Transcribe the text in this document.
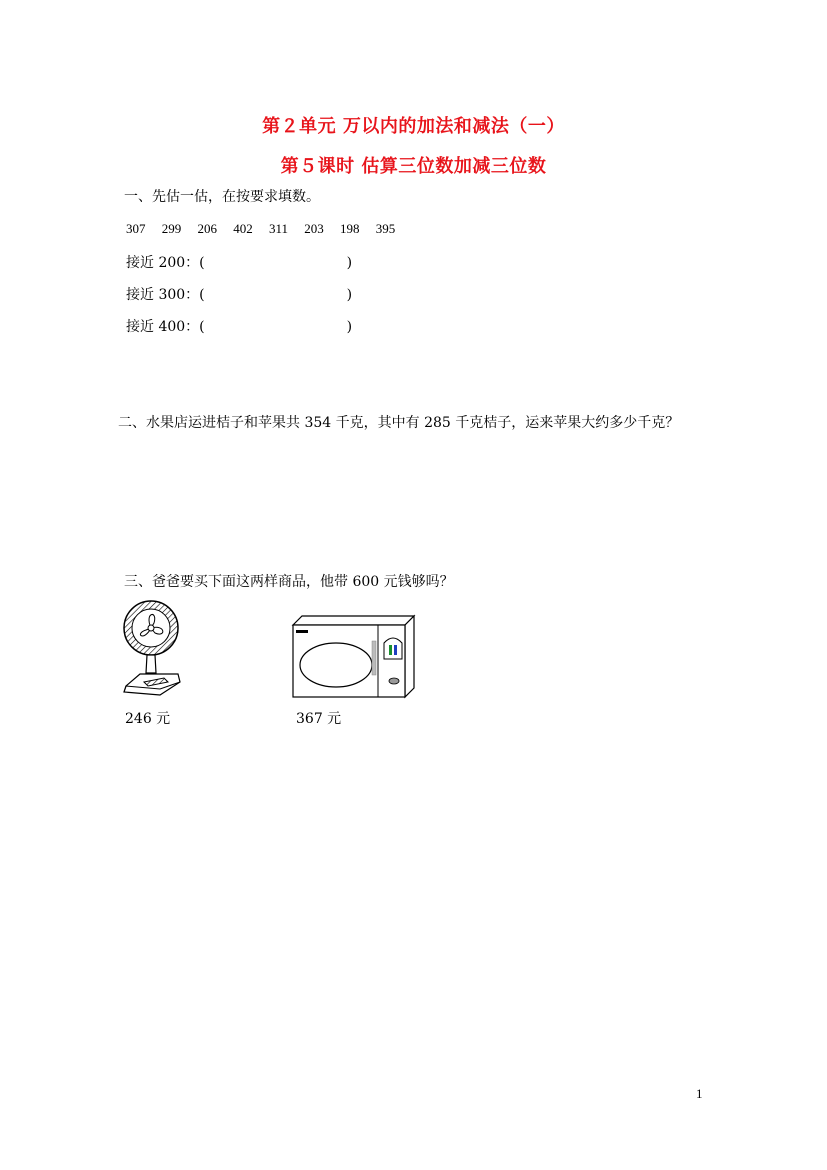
第２单元 万以内的加法和减法（一）
第５课时 估算三位数加减三位数
一、先估一估，在按要求填数。
307 299 206 402 311 203 198 395
接近 200：(	)
接近 300：(	)
接近 400：(	)
二、水果店运进桔子和苹果共 354 千克，其中有 285 千克桔子，运来苹果大约多少千克？
三、爸爸要买下面这两样商品，他带 600 元钱够吗？
246 元	367 元
1
